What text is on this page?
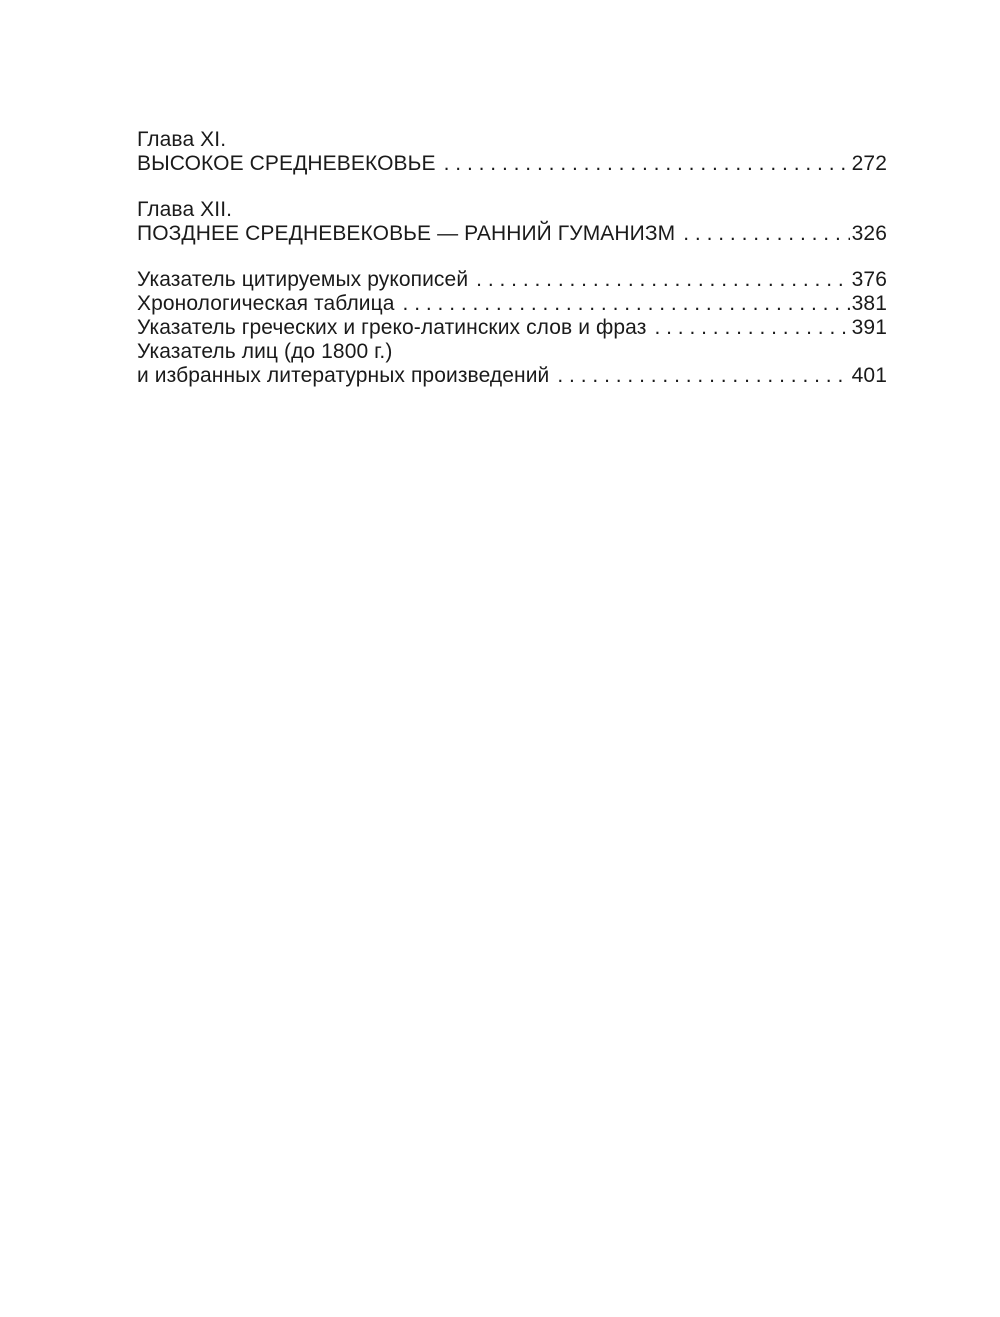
Глава XI.
ВЫСОКОЕ СРЕДНЕВЕКОВЬЕ . . .	272
Глава XII.
ПОЗДНЕЕ СРЕДНЕВЕКОВЬЕ — РАННИЙ ГУМАНИЗМ . . .	326
Указатель цитируемых рукописей . . .	376
Хронологическая таблица . . .	381
Указатель греческих и греко-латинских слов и фраз . . .	391
Указатель лиц (до 1800 г.)
и избранных литературных произведений . . .	401
